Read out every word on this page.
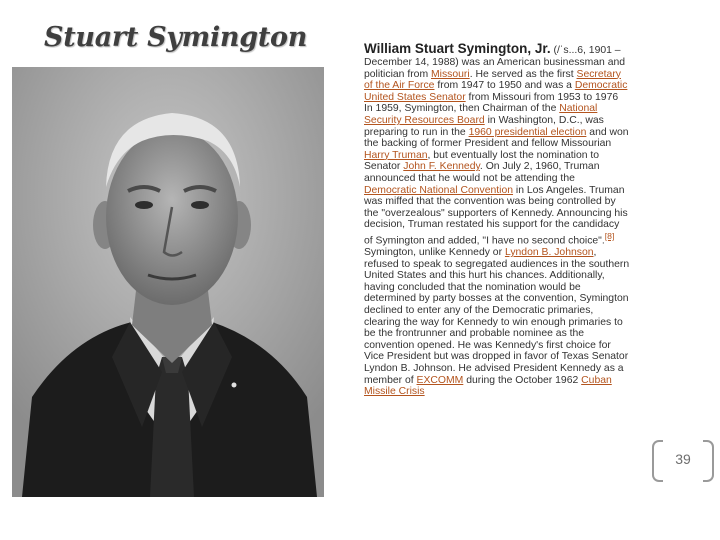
Stuart Symington	William Stuart Symington, Jr. (/ˈs...6, 1901 – December 14, 1988) was an American businessman and politician from Missouri. He served as the first Secretary of the Air Force from 1947 to 1950 and was a Democratic United States Senator from Missouri from 1953 to 1976

In 1959, Symington, then Chairman of the National Security Resources Board in Washington, D.C., was preparing to run in the 1960 presidential election and won the backing of former President and fellow Missourian Harry Truman, but eventually lost the nomination to Senator John F. Kennedy. On July 2, 1960, Truman announced that he would not be attending the Democratic National Convention in Los Angeles. Truman was miffed that the convention was being controlled by the "overzealous" supporters of Kennedy. Announcing his decision, Truman restated his support for the candidacy of Symington and added, "I have no second choice".[8]

Symington, unlike Kennedy or Lyndon B. Johnson, refused to speak to segregated audiences in the southern United States and this hurt his chances. Additionally, having concluded that the nomination would be determined by party bosses at the convention, Symington declined to enter any of the Democratic primaries, clearing the way for Kennedy to win enough primaries to be the frontrunner and probable nominee as the convention opened. He was Kennedy's first choice for Vice President but was dropped in favor of Texas Senator Lyndon B. Johnson. He advised President Kennedy as a member of EXCOMM during the October 1962 Cuban Missile Crisis

39
